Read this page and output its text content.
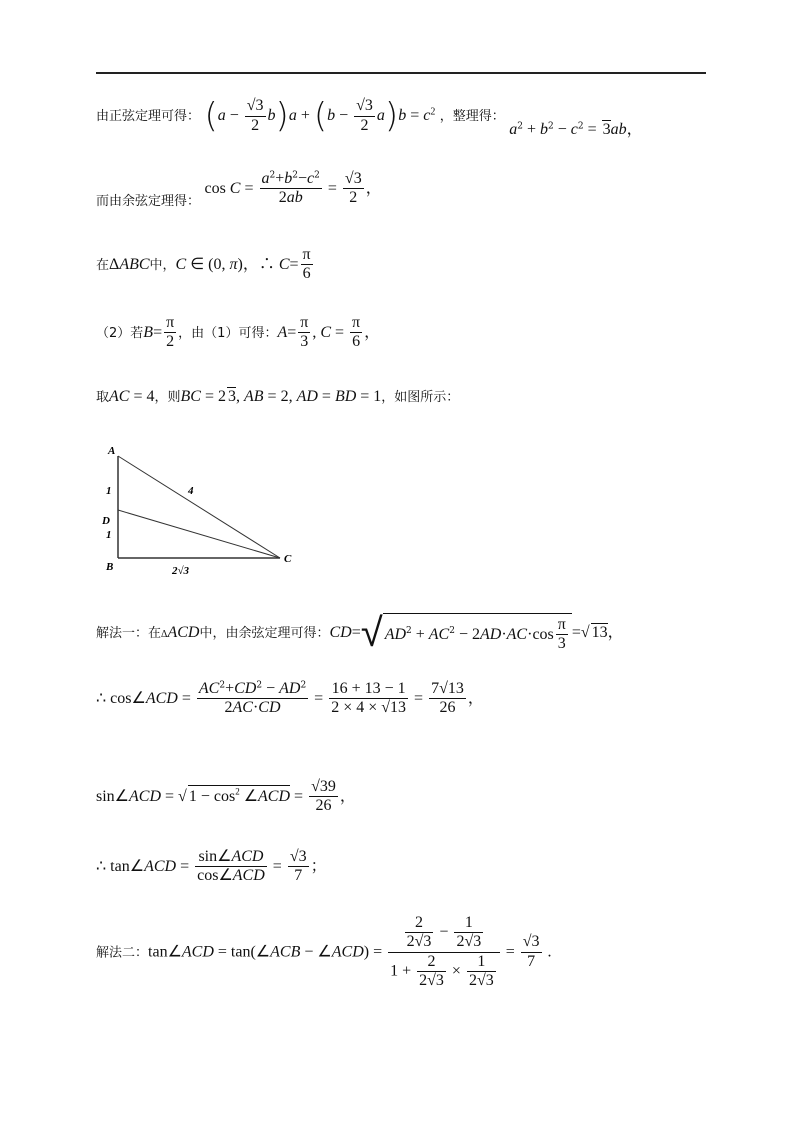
由正弦定理可得： $(a - \frac{√3}{2} b)a + (b - \frac{√3}{2} a)b = c^2$ ，整理得： $a^2 + b^2 - c^2 = 3ab$，
而由余弦定理得： $\cos C = \frac{a^2+b^2-c^2}{2ab} = \frac{√3}{2}$ ，
在ΔABC中，C ∈ (0, π)，∴ $C= \frac{\pi}{6}$
（2）若$B= \frac{\pi}{2}$ ，由（1）可得：$A= \frac{\pi}{3}$ , $C = \frac{\pi}{6}$ ，
取AC = 4，则BC = 2 3, AB = 2, AD = BD = 1，如图所示：
A
B
C
D
1
1
4
2√3
解法一：在ΔACD中，由余弦定理可得：CD=√ $AD^2 + AC^2 - 2AD\cdot AC\cdot\cos \frac{\pi}{3}$ =√ 13，
∴ cos∠ACD = $\frac{AC^2+CD^2 - AD^2}{2AC\cdot CD} = \frac{16 + 13 - 1}{2 \times 4 \times √13} = \frac{7√13}{26}$ ，
sin∠ACD = √ $1 - \cos^2$ ∠ACD = $\frac{√39}{26}$ ，
∴ tan∠ACD = $\frac{\text{sin∠ACD}}{\text{cos∠ACD}} = \frac{√3}{7}$ ；
解法二：tan∠ACD = tan(∠ACB − ∠ACD) = $\frac{\frac{2}{2√3} - \frac{1}{2√3}}{1 + \frac{2}{2√3} \times \frac{1}{2√3}} = \frac{√3}{7}$ .
